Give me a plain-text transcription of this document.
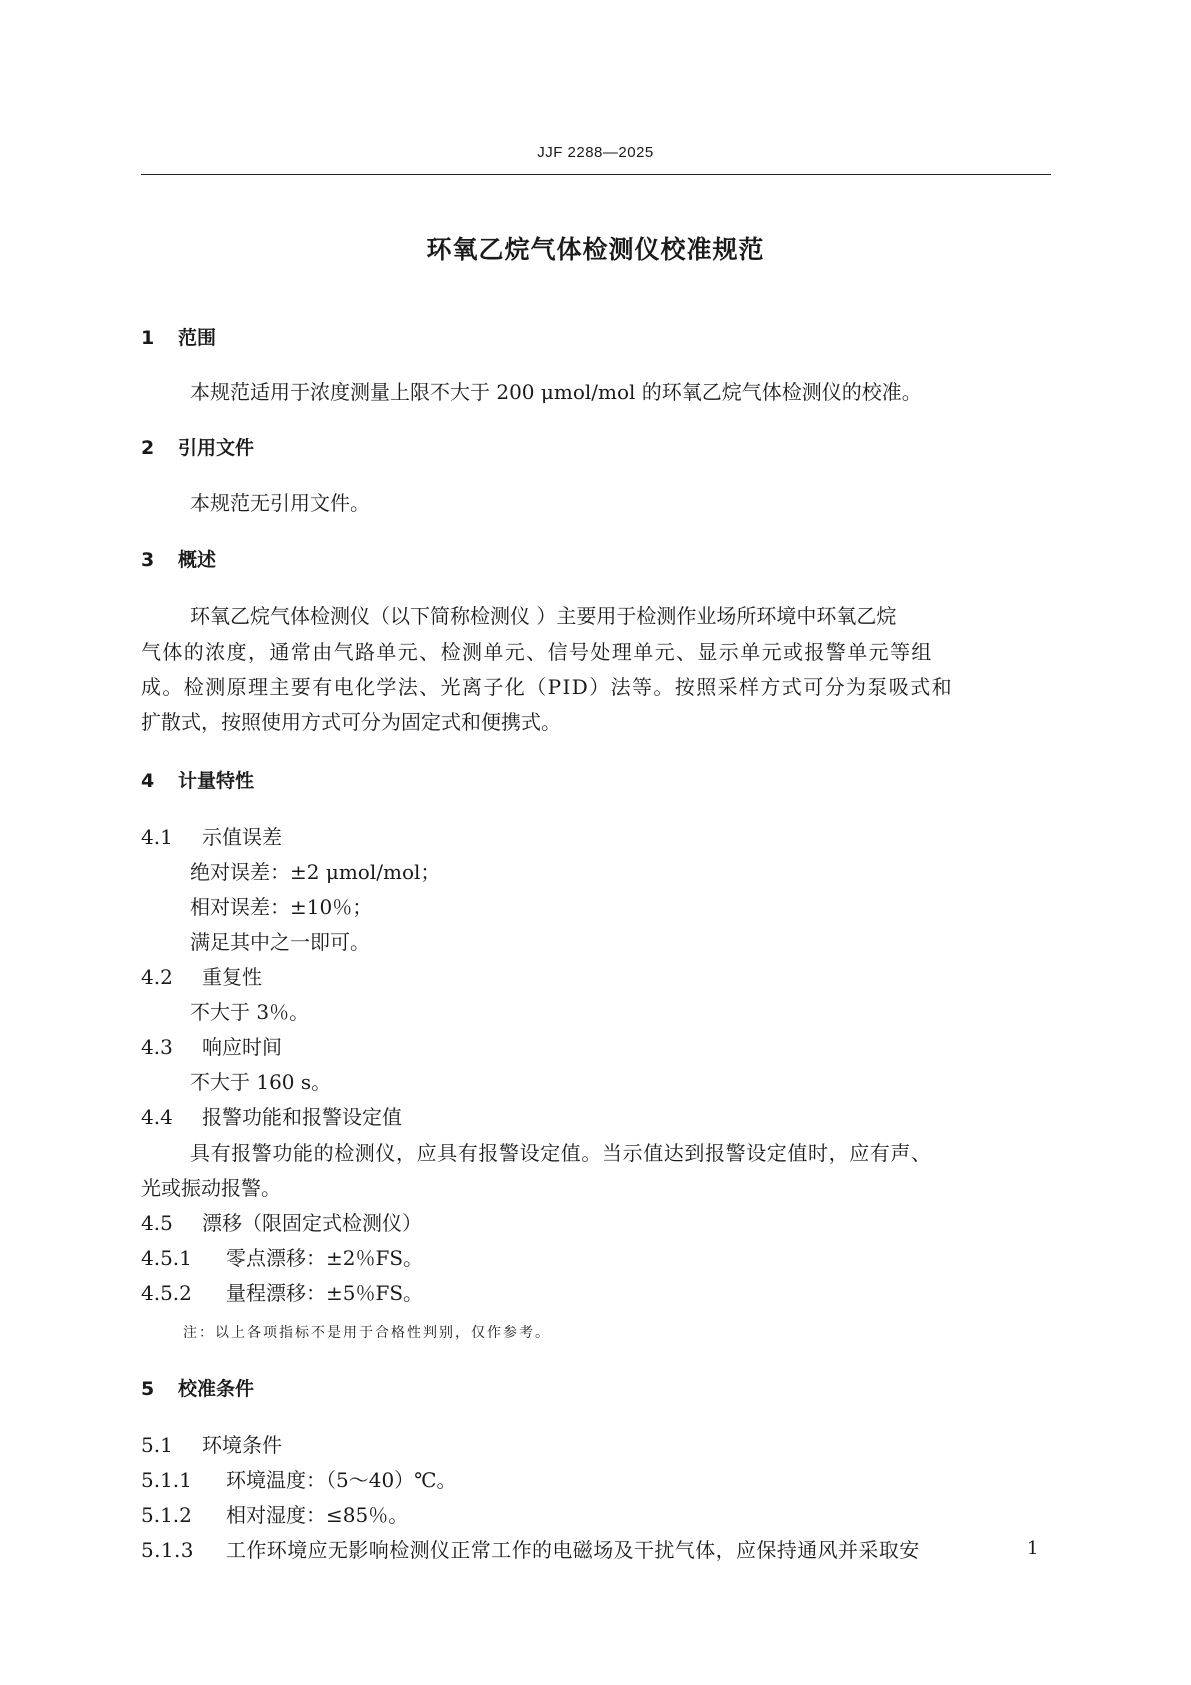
JJF 2288—2025
环氧乙烷气体检测仪校准规范
1 范围
本规范适用于浓度测量上限不大于 200 μmol/mol 的环氧乙烷气体检测仪的校准。
2 引用文件
本规范无引用文件。
3 概述
环氧乙烷气体检测仪（以下简称检测仪 ）主要用于检测作业场所环境中环氧乙烷
气体的浓度，通常由气路单元、检测单元、信号处理单元、显示单元或报警单元等组
成。检测原理主要有电化学法、光离子化（PID）法等。按照采样方式可分为泵吸式和
扩散式，按照使用方式可分为固定式和便携式。
4 计量特性
4.1 示值误差
绝对误差：±2 μmol/mol；
相对误差：±10％；
满足其中之一即可。
4.2 重复性
不大于 3％。
4.3 响应时间
不大于 160 s。
4.4 报警功能和报警设定值
具有报警功能的检测仪，应具有报警设定值。当示值达到报警设定值时，应有声、
光或振动报警。
4.5 漂移（限固定式检测仪）
4.5.1 零点漂移：±2％FS。
4.5.2 量程漂移：±5％FS。
注：以上各项指标不是用于合格性判别，仅作参考。
5 校准条件
5.1 环境条件
5.1.1 环境温度：（5～40）℃。
5.1.2 相对湿度：≤85％。
5.1.3 工作环境应无影响检测仪正常工作的电磁场及干扰气体，应保持通风并采取安	1
